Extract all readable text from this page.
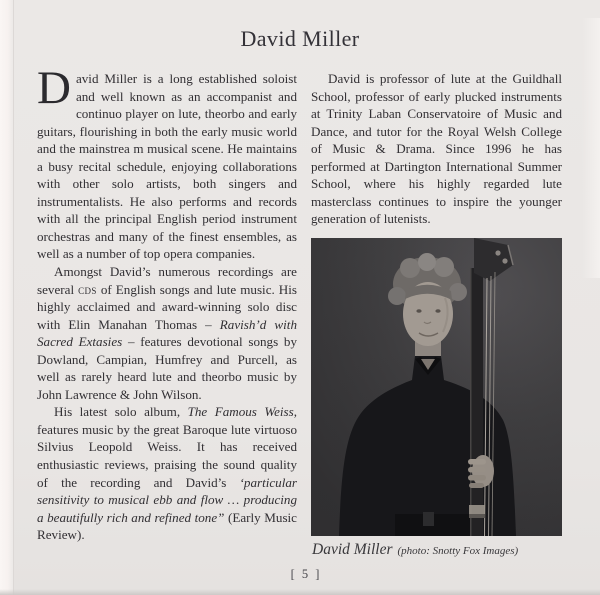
David Miller

David Miller is a long established soloist and well known as an accompanist and continuo player on lute, theorbo and early guitars, flourishing in both the early music world and the mainstrea m musical scene. He maintains a busy recital schedule, enjoying collaborations with other solo artists, both singers and instrumentalists. He also performs and records with all the principal English period instrument orchestras and many of the finest ensembles, as well as a number of top opera companies.

Amongst David’s numerous recordings are several CDs of English songs and lute music. His highly acclaimed and award-winning solo disc with Elin Manahan Thomas – Ravish’d with Sacred Extasies – features devotional songs by Dowland, Campian, Humfrey and Purcell, as well as rarely heard lute and theorbo music by John Lawrence & John Wilson.

His latest solo album, The Famous Weiss, features music by the great Baroque lute virtuoso Silvius Leopold Weiss. It has received enthusiastic reviews, praising the sound quality of the recording and David’s ‘particular sensitivity to musical ebb and flow … producing a beautifully rich and refined tone” (Early Music Review).

David is professor of lute at the Guildhall School, professor of early plucked instruments at Trinity Laban Conservatoire of Music and Dance, and tutor for the Royal Welsh College of Music & Drama. Since 1996 he has performed at Dartington International Summer School, where his highly regarded lute masterclass continues to inspire the younger generation of lutenists.

David Miller (photo: Snotty Fox Images)
[ 5 ]
